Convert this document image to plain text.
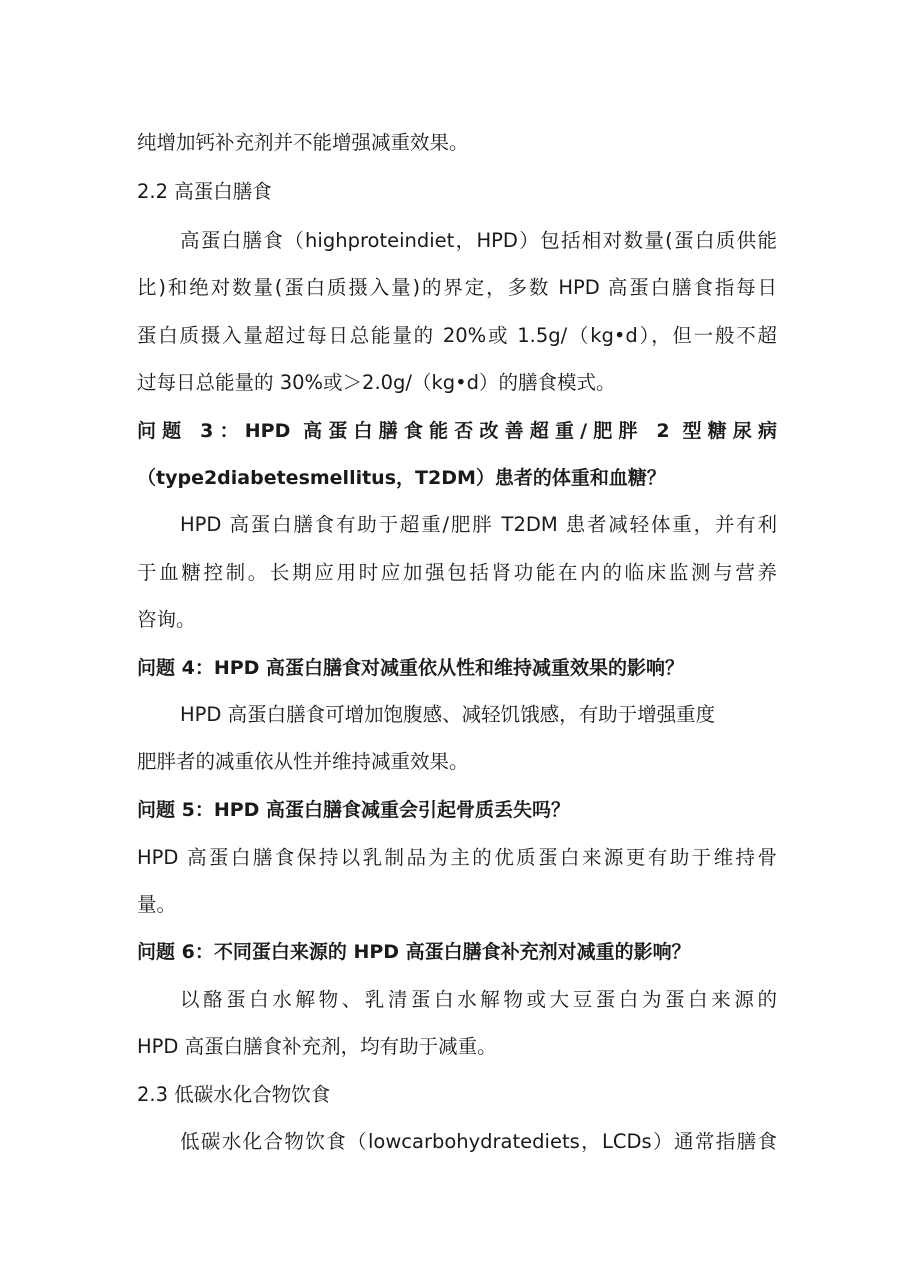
纯增加钙补充剂并不能增强减重效果。
2.2 高蛋白膳食
高蛋白膳食（highproteindiet，HPD）包括相对数量(蛋白质供能
比)和绝对数量(蛋白质摄入量)的界定，多数 HPD 高蛋白膳食指每日
蛋白质摄入量超过每日总能量的 20%或 1.5g/（kg•d），但一般不超
过每日总能量的 30%或＞2.0g/（kg•d）的膳食模式。
问题 3：HPD 高蛋白膳食能否改善超重/肥胖 2 型糖尿病
（type2diabetesmellitus，T2DM）患者的体重和血糖？
HPD 高蛋白膳食有助于超重/肥胖 T2DM 患者减轻体重，并有利
于血糖控制。长期应用时应加强包括肾功能在内的临床监测与营养
咨询。
问题 4：HPD 高蛋白膳食对减重依从性和维持减重效果的影响？
HPD 高蛋白膳食可增加饱腹感、减轻饥饿感，有助于增强重度
肥胖者的减重依从性并维持减重效果。
问题 5：HPD 高蛋白膳食减重会引起骨质丢失吗？
HPD 高蛋白膳食保持以乳制品为主的优质蛋白来源更有助于维持骨
量。
问题 6：不同蛋白来源的 HPD 高蛋白膳食补充剂对减重的影响？
以酪蛋白水解物、乳清蛋白水解物或大豆蛋白为蛋白来源的
HPD 高蛋白膳食补充剂，均有助于减重。
2.3 低碳水化合物饮食
低碳水化合物饮食（lowcarbohydratediets，LCDs）通常指膳食
